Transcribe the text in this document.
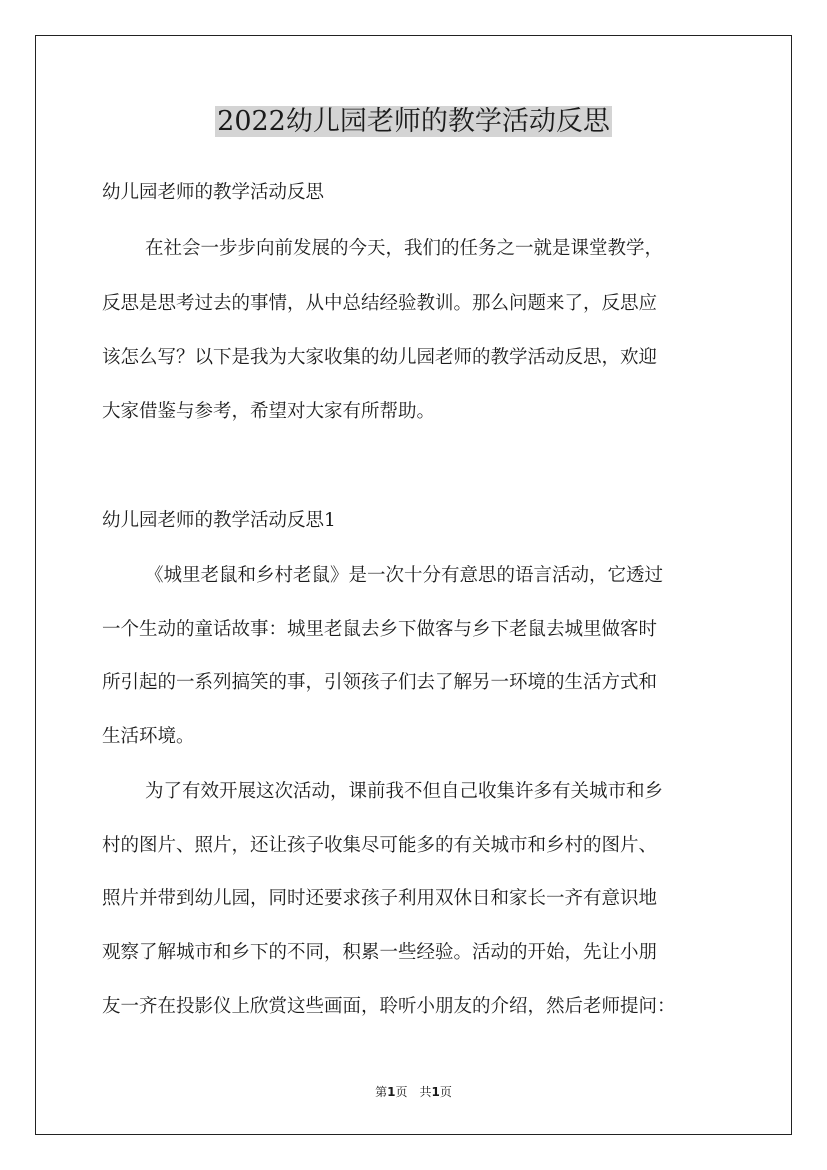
2022幼儿园老师的教学活动反思
幼儿园老师的教学活动反思
在社会一步步向前发展的今天，我们的任务之一就是课堂教学，
反思是思考过去的事情，从中总结经验教训。那么问题来了，反思应
该怎么写？以下是我为大家收集的幼儿园老师的教学活动反思，欢迎
大家借鉴与参考，希望对大家有所帮助。
幼儿园老师的教学活动反思1
《城里老鼠和乡村老鼠》是一次十分有意思的语言活动，它透过
一个生动的童话故事：城里老鼠去乡下做客与乡下老鼠去城里做客时
所引起的一系列搞笑的事，引领孩子们去了解另一环境的生活方式和
生活环境。
为了有效开展这次活动，课前我不但自己收集许多有关城市和乡
村的图片、照片，还让孩子收集尽可能多的有关城市和乡村的图片、
照片并带到幼儿园，同时还要求孩子利用双休日和家长一齐有意识地
观察了解城市和乡下的不同，积累一些经验。活动的开始，先让小朋
友一齐在投影仪上欣赏这些画面，聆听小朋友的介绍，然后老师提问：
第1页　共1页
